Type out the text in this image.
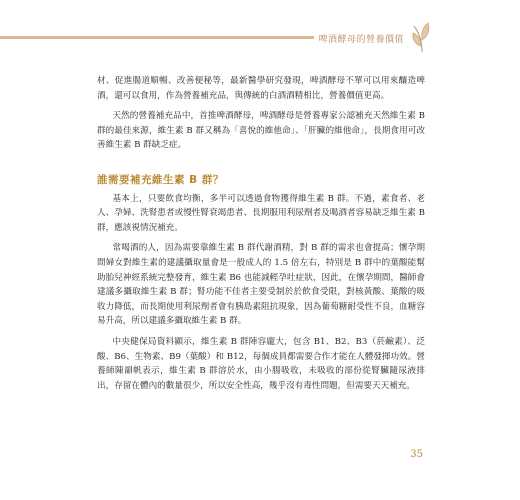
啤酒酵母的營養價值

材、促進腸道順暢、改善便秘等，最新醫學研究發現，啤酒酵母不單可以用來釀造啤酒，還可以食用，作為營養補充品，與傳統的白酒酒精相比，營養價值更高。

天然的營養補充品中，首推啤酒酵母，啤酒酵母是營養專家公認補充天然維生素 B 群的最佳來源，維生素 B 群又稱為「喜悅的維他命」、「肝臟的維他命」，長期食用可改善維生素 B 群缺乏症。

誰需要補充維生素 B 群？

基本上，只要飲食均衡，多半可以透過食物獲得維生素 B 群。不過，素食者、老人、孕婦、洗腎患者或慢性腎衰竭患者、長期服用利尿劑者及喝酒者容易缺乏維生素 B 群，應該視情況補充。

常喝酒的人，因為需要靠維生素 B 群代謝酒精，對 B 群的需求也會提高；懷孕期間婦女對維生素的建議攝取量會是一般成人的 1.5 倍左右，特別是 B 群中的葉酸能幫助胎兒神經系統完整發育，維生素 B6 也能減輕孕吐症狀，因此，在懷孕期間，醫師會建議多攝取維生素 B 群；腎功能不佳者主要受制於於飲食受限，對核黃酸、葉酸的吸收力降低，而長期使用利尿劑者會有胰島素阻抗現象，因為葡萄糖耐受性不良，血糖容易升高，所以建議多攝取維生素 B 群。

中央健保局資料顯示，維生素 B 群陣容龐大，包含 B1、B2、B3（菸鹼素）、泛酸、B6、生物素、B9（葉酸）和 B12，每個成員都需要合作才能在人體發揮功效。營養師陳韻帆表示，維生素 B 群溶於水，由小腸吸收，未吸收的部份從腎臟隨尿液排出，存留在體內的數量很少，所以安全性高，幾乎沒有毒性問題，但需要天天補充。

35
